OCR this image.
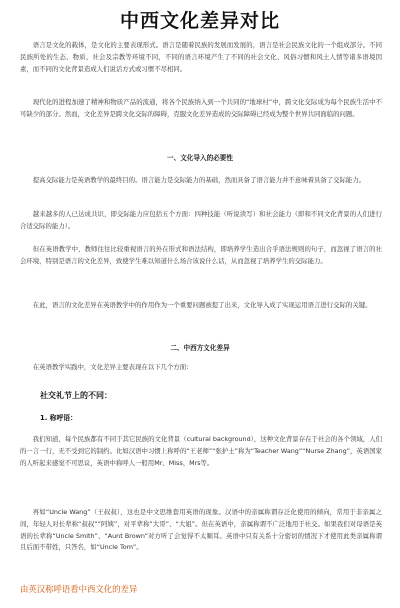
中西文化差异对比
语言是文化的载体，是文化的主要表现形式。语言是随着民族的发展而发展的，语言是社会民族文化的一个组成部分。不同民族所处的生态、物质、社会及宗教等环境不同，不同的语言环境产生了不同的社会文化、风俗习惯和风土人情等诸多语境因素，而不同的文化背景造成人们说话方式或习惯不尽相同。
现代化的进程加速了精神和物质产品的流通，将各个民族纳入到一个共同的“地球村”中，跨文化交际成为每个民族生活中不可缺少的部分。然而，文化差异是跨文化交际的障碍，克服文化差异造成的交际障碍已经成为整个世界共同面临的问题。
一、文化导入的必要性
提高交际能力是英语教学的最终目的。语言能力是交际能力的基础，然而具备了语言能力并不意味着具备了交际能力。
越来越多的人已达成共识，即交际能力应包括五个方面：四种技能（听说读写）和社会能力（即和不同文化背景的人们进行合适交际的能力）。
但在英语教学中，教师往往比较重视语言的外在形式和语法结构，即培养学生造出合乎语法规则的句子，而忽视了语言的社会环境，特别是语言的文化差异，致使学生难以知道什么场合该说什么话，从而忽视了培养学生的交际能力。
在此，语言的文化差异在英语教学中的作用作为一个重要问题被提了出来，文化导入成了实现运用语言进行交际的关键。
二、中西方文化差异
在英语教学实践中，文化差异主要表现在以下几个方面：
社交礼节上的不同：
1. 称呼语：
我们知道，每个民族都有不同于其它民族的文化背景（cultural background），这种文化背景存在于社会的各个领域，人们的一言一行，无不受到它的制约。比如汉语中习惯上称呼的“王老师”“张护士”称为“Teacher Wang”“Nurse Zhang”，英语国家的人听起来感觉不可思议，英语中称呼人一般用Mr、Miss、Mrs等。
再如“Uncle Wang”（王叔叔），这也是中文思维套用英语的现象。汉语中的亲属称谓存泛化使用的倾向，常用于非亲属之间，年轻人对长辈称“叔叔”“阿姨”，对平辈称“大哥”、“大姐”。但在英语中，亲属称谓不广泛地用于社交。如果我们对母语是英语的长辈称“Uncle Smith”、“Aunt Brown”对方听了会觉得不太顺耳。英语中只有关系十分密切的情况下才使用此类亲属称谓且后面不带姓，只答名，如“Uncle Tom”。
由英汉称呼语看中西文化的差异
